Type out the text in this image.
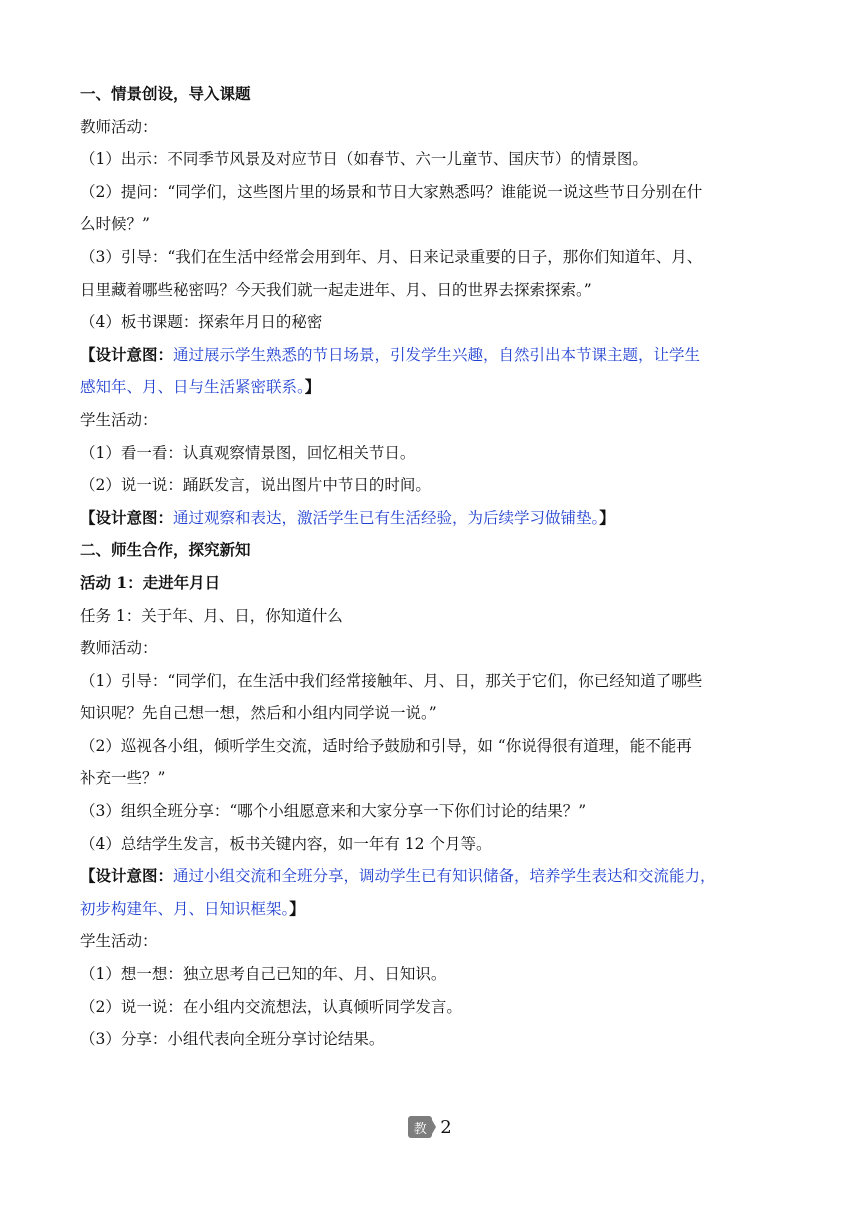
一、情景创设，导入课题

教师活动：

（1）出示：不同季节风景及对应节日（如春节、六一儿童节、国庆节）的情景图。

（2）提问：“同学们，这些图片里的场景和节日大家熟悉吗？谁能说一说这些节日分别在什

么时候？”

（3）引导：“我们在生活中经常会用到年、月、日来记录重要的日子，那你们知道年、月、

日里藏着哪些秘密吗？今天我们就一起走进年、月、日的世界去探索探索。”

（4）板书课题：探索年月日的秘密

【设计意图：通过展示学生熟悉的节日场景，引发学生兴趣，自然引出本节课主题，让学生

感知年、月、日与生活紧密联系。】

学生活动：

（1）看一看：认真观察情景图，回忆相关节日。

（2）说一说：踊跃发言，说出图片中节日的时间。

【设计意图：通过观察和表达，激活学生已有生活经验，为后续学习做铺垫。】

二、师生合作，探究新知

活动 1：走进年月日

任务 1：关于年、月、日，你知道什么

教师活动：

（1）引导：“同学们，在生活中我们经常接触年、月、日，那关于它们，你已经知道了哪些

知识呢？先自己想一想，然后和小组内同学说一说。”

（2）巡视各小组，倾听学生交流，适时给予鼓励和引导，如 “你说得很有道理，能不能再

补充一些？”

（3）组织全班分享：“哪个小组愿意来和大家分享一下你们讨论的结果？”

（4）总结学生发言，板书关键内容，如一年有 12 个月等。

【设计意图：通过小组交流和全班分享，调动学生已有知识储备，培养学生表达和交流能力，

初步构建年、月、日知识框架。】

学生活动：

（1）想一想：独立思考自己已知的年、月、日知识。

（2）说一说：在小组内交流想法，认真倾听同学发言。

（3）分享：小组代表向全班分享讨论结果。

教 2
